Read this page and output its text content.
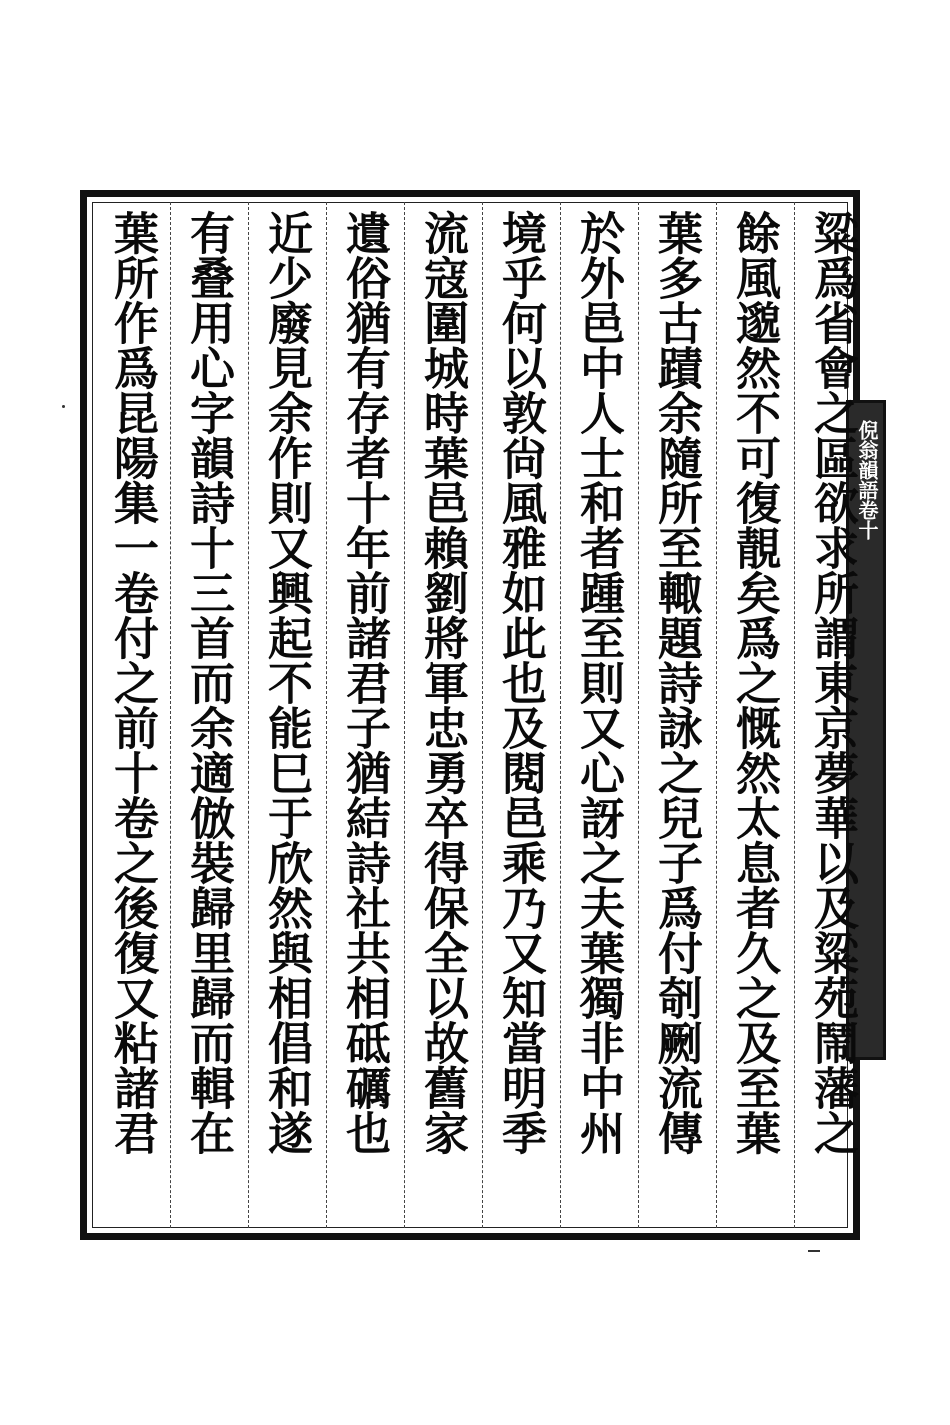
倪翁韻語卷十
粱爲省會之區欲求所謂東京夢華以及粱苑鬧藩之
餘風邈然不可復靚矣爲之慨然太息者久之及至葉
葉多古蹟余隨所至輙題詩詠之兒子爲付剞劂流傳
於外邑中人士和者踵至則又心訝之夫葉獨非中州
境乎何以敦尙風雅如此也及閱邑乘乃又知當明季
流寇圍城時葉邑賴劉將軍忠勇卒得保全以故舊家
遺俗猶有存者十年前諸君子猶結詩社共相砥礪也
近少廢見余作則又興起不能巳于欣然與相倡和遂
有叠用心字韻詩十三首而余適倣裝歸里歸而輯在
葉所作爲昆陽集一卷付之前十卷之後復又粘諸君
